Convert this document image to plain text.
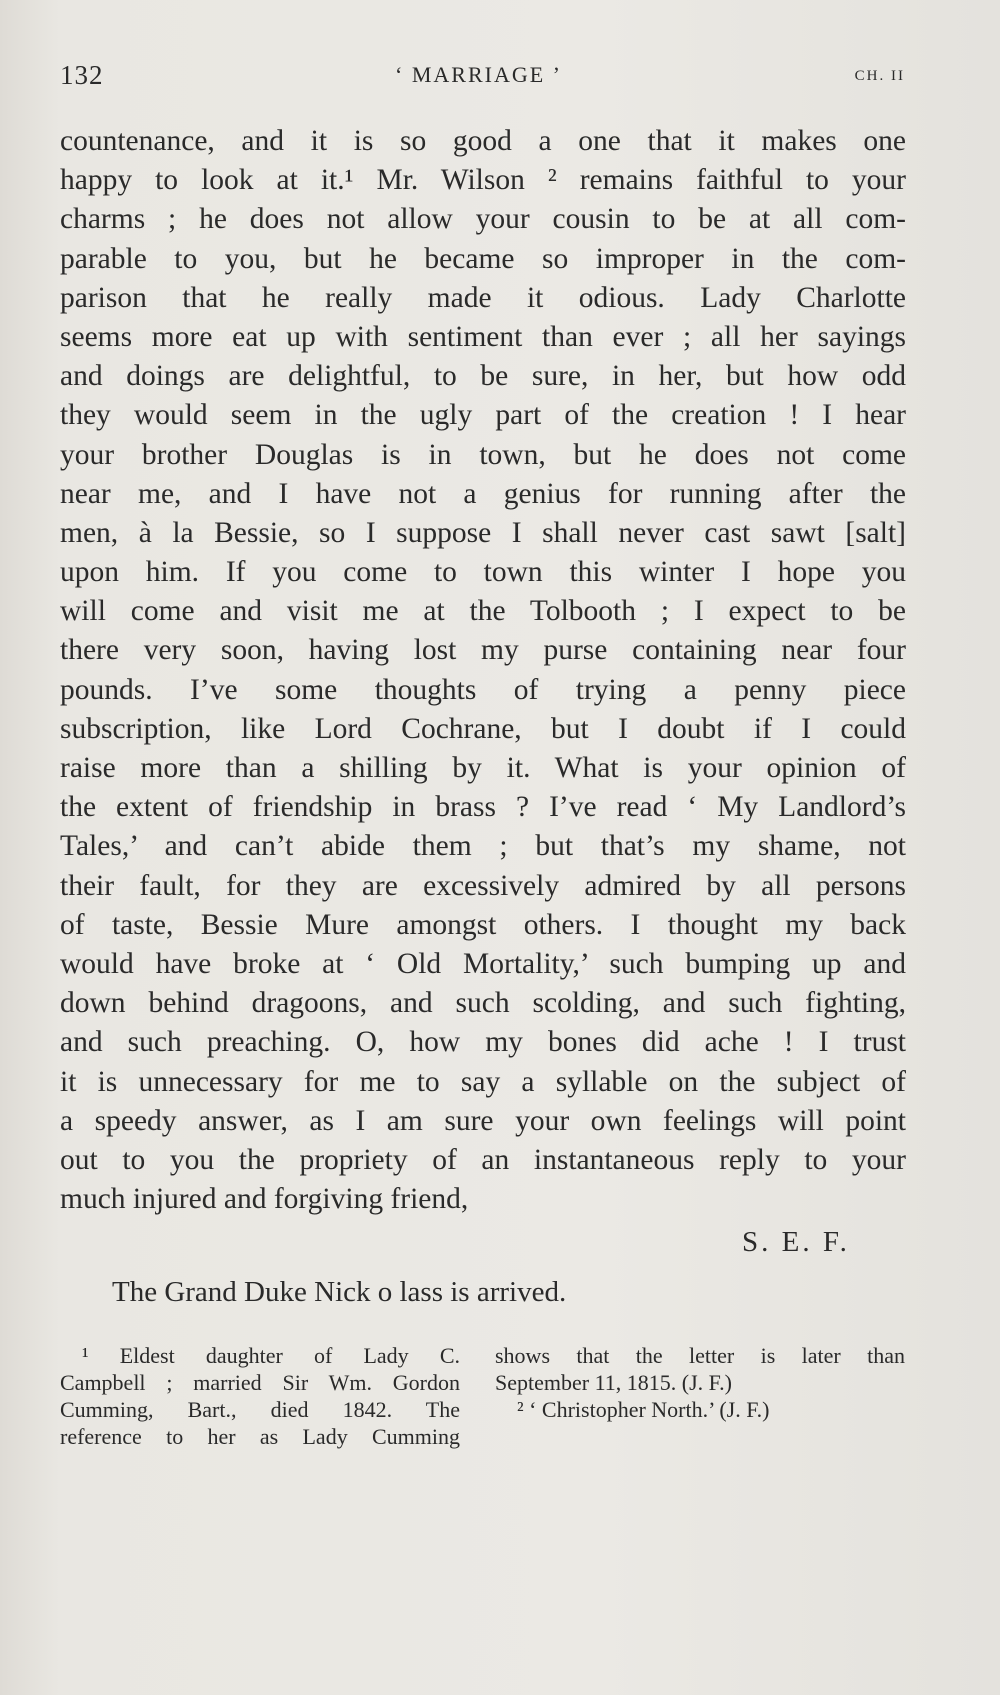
132	‘ MARRIAGE ’	CH. II
countenance, and it is so good a one that it makes one
happy to look at it.¹ Mr. Wilson ² remains faithful to your
charms ; he does not allow your cousin to be at all com-
parable to you, but he became so improper in the com-
parison that he really made it odious. Lady Charlotte
seems more eat up with sentiment than ever ; all her sayings
and doings are delightful, to be sure, in her, but how odd
they would seem in the ugly part of the creation ! I hear
your brother Douglas is in town, but he does not come
near me, and I have not a genius for running after the
men, à la Bessie, so I suppose I shall never cast sawt [salt]
upon him. If you come to town this winter I hope you
will come and visit me at the Tolbooth ; I expect to be
there very soon, having lost my purse containing near four
pounds. I’ve some thoughts of trying a penny piece
subscription, like Lord Cochrane, but I doubt if I could
raise more than a shilling by it. What is your opinion of
the extent of friendship in brass ? I’ve read ‘ My Landlord’s
Tales,’ and can’t abide them ; but that’s my shame, not
their fault, for they are excessively admired by all persons
of taste, Bessie Mure amongst others. I thought my back
would have broke at ‘ Old Mortality,’ such bumping up and
down behind dragoons, and such scolding, and such fighting,
and such preaching. O, how my bones did ache ! I trust
it is unnecessary for me to say a syllable on the subject of
a speedy answer, as I am sure your own feelings will point
out to you the propriety of an instantaneous reply to your
much injured and forgiving friend,
S. E. F.
The Grand Duke Nick o lass is arrived.
¹ Eldest daughter of Lady C.
Campbell ; married Sir Wm. Gordon
Cumming, Bart., died 1842. The
reference to her as Lady Cumming
shows that the letter is later than
September 11, 1815. (J. F.)
² ‘ Christopher North.’ (J. F.)
